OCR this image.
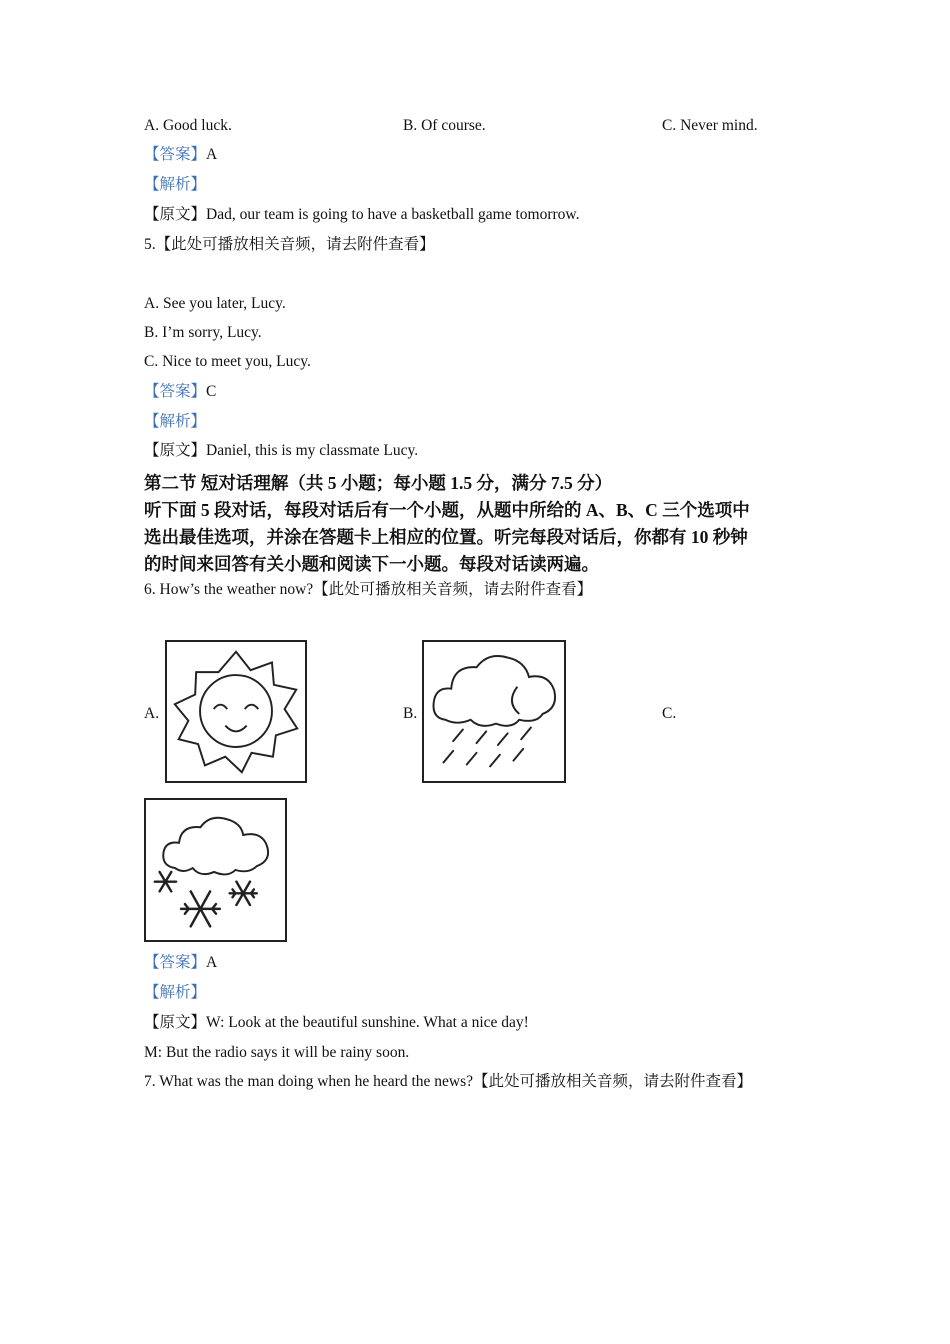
A. Good luck.	B. Of course.	C. Never mind.
【答案】A
【解析】
【原文】Dad, our team is going to have a basketball game tomorrow.
5.【此处可播放相关音频，请去附件查看】
A. See you later, Lucy.
B. I’m sorry, Lucy.
C. Nice to meet you, Lucy.
【答案】C
【解析】
【原文】Daniel, this is my classmate Lucy.
第二节 短对话理解（共 5 小题；每小题 1.5 分，满分 7.5 分）
听下面 5 段对话，每段对话后有一个小题，从题中所给的 A、B、C 三个选项中
选出最佳选项，并涂在答题卡上相应的位置。听完每段对话后，你都有 10 秒钟
的时间来回答有关小题和阅读下一小题。每段对话读两遍。
6. How’s the weather now?【此处可播放相关音频，请去附件查看】
A.	B.	C.
【答案】A
【解析】
【原文】W: Look at the beautiful sunshine. What a nice day!
M: But the radio says it will be rainy soon.
7. What was the man doing when he heard the news?【此处可播放相关音频，请去附件查看】
